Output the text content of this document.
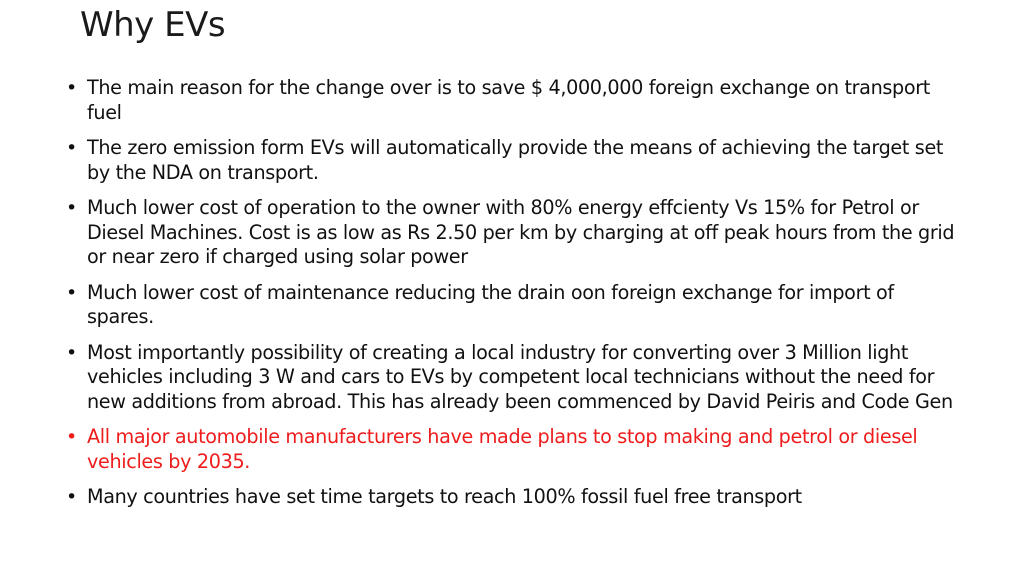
Why EVs
• The main reason for the change over is to save $ 4,000,000 foreign exchange on transport fuel
• The zero emission form EVs will automatically provide the means of achieving the target set by the NDA on transport.
• Much lower cost of operation to the owner with 80% energy effcienty Vs 15% for Petrol or Diesel Machines. Cost is as low as Rs 2.50 per km by charging at off peak hours from the grid or near zero if charged using solar power
• Much lower cost of maintenance reducing the drain oon foreign exchange for import of spares.
• Most importantly possibility of creating a local industry for converting over 3 Million light vehicles including 3 W and cars to EVs by competent local technicians without the need for new additions from abroad. This has already been commenced by David Peiris and Code Gen
• All major automobile manufacturers have made plans to stop making and petrol or diesel vehicles by 2035.
• Many countries have set time targets to reach 100% fossil fuel free transport
